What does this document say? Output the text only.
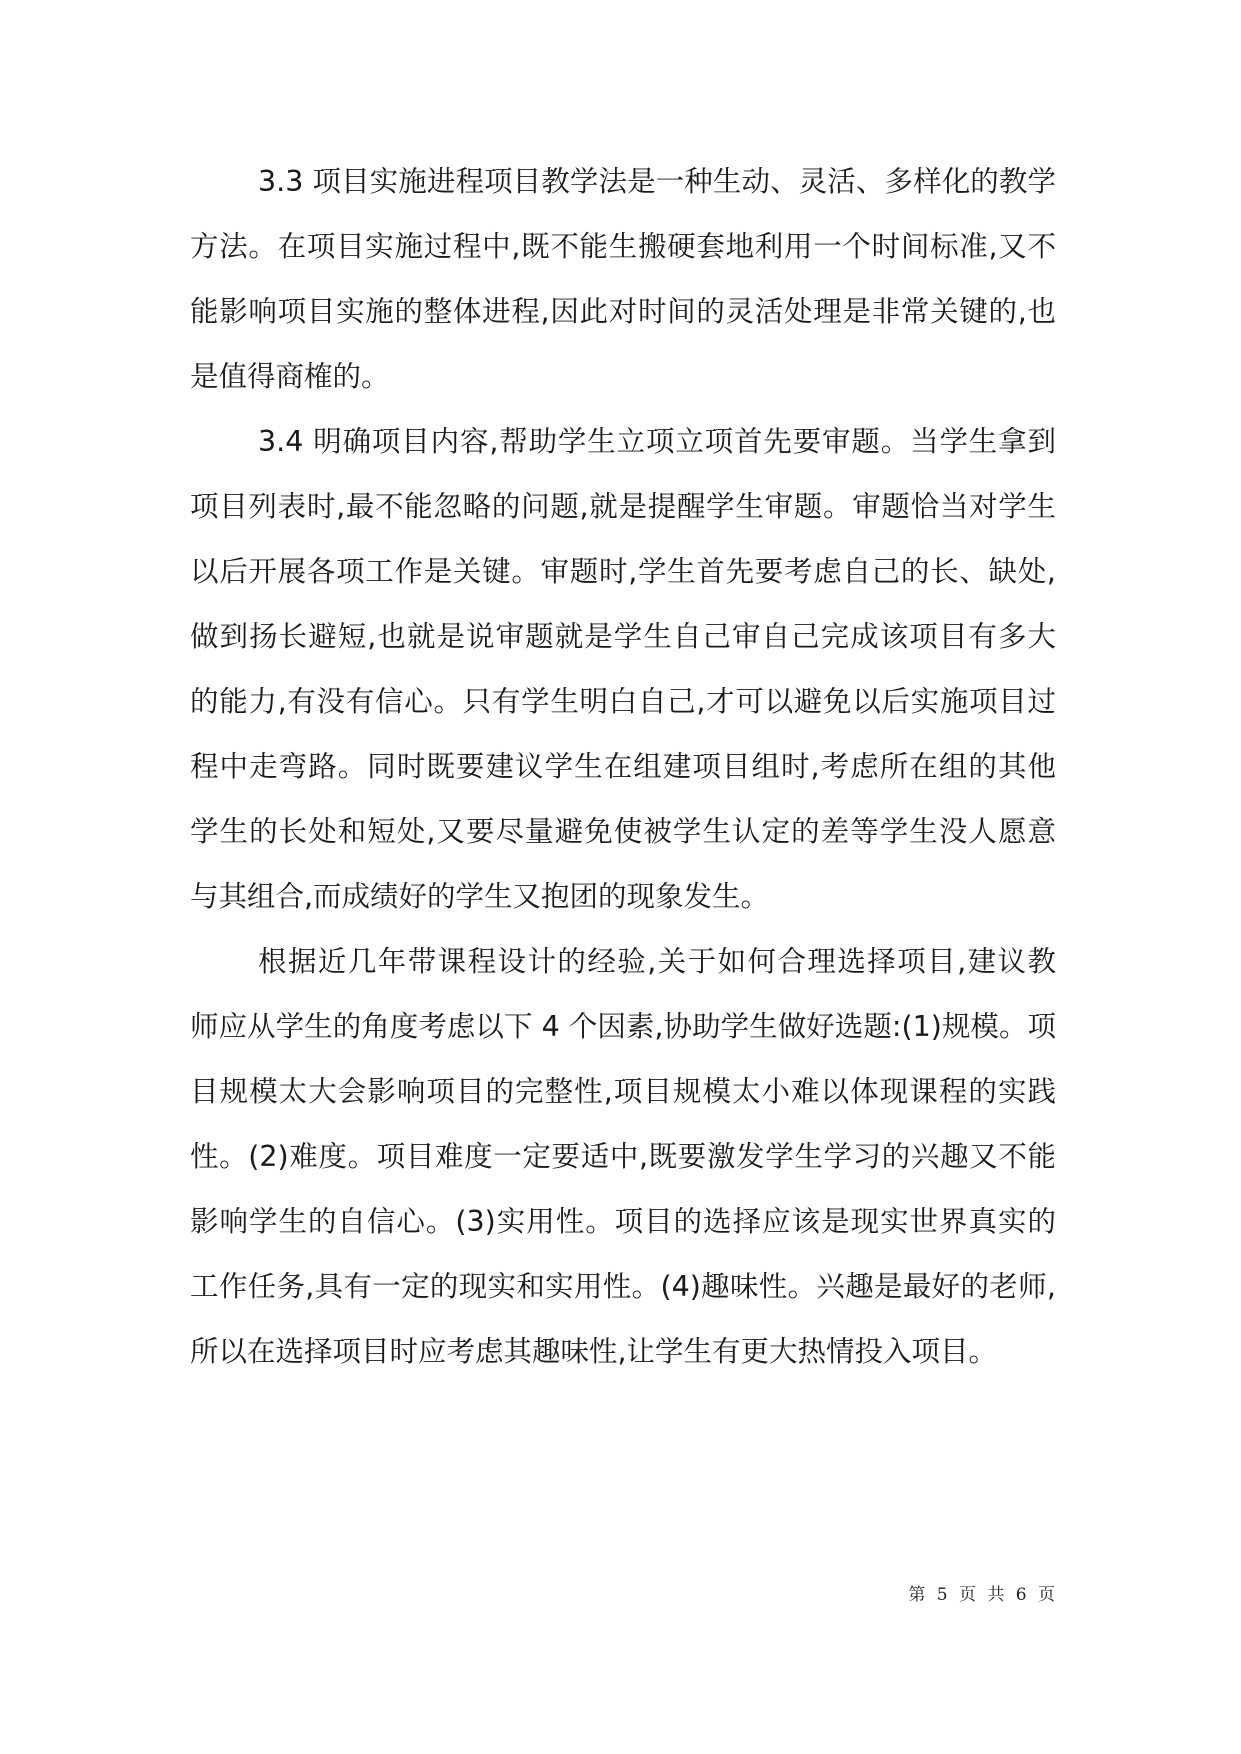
3.3 项目实施进程项目教学法是一种生动、灵活、多样化的教学
方法。在项目实施过程中,既不能生搬硬套地利用一个时间标准,又不
能影响项目实施的整体进程,因此对时间的灵活处理是非常关键的,也
是值得商榷的。
3.4 明确项目内容,帮助学生立项立项首先要审题。当学生拿到
项目列表时,最不能忽略的问题,就是提醒学生审题。审题恰当对学生
以后开展各项工作是关键。审题时,学生首先要考虑自己的长、缺处,
做到扬长避短,也就是说审题就是学生自己审自己完成该项目有多大
的能力,有没有信心。只有学生明白自己,才可以避免以后实施项目过
程中走弯路。同时既要建议学生在组建项目组时,考虑所在组的其他
学生的长处和短处,又要尽量避免使被学生认定的差等学生没人愿意
与其组合,而成绩好的学生又抱团的现象发生。
根据近几年带课程设计的经验,关于如何合理选择项目,建议教
师应从学生的角度考虑以下 4 个因素,协助学生做好选题:(1)规模。项
目规模太大会影响项目的完整性,项目规模太小难以体现课程的实践
性。(2)难度。项目难度一定要适中,既要激发学生学习的兴趣又不能
影响学生的自信心。(3)实用性。项目的选择应该是现实世界真实的
工作任务,具有一定的现实和实用性。(4)趣味性。兴趣是最好的老师,
所以在选择项目时应考虑其趣味性,让学生有更大热情投入项目。
第 5 页 共 6 页
